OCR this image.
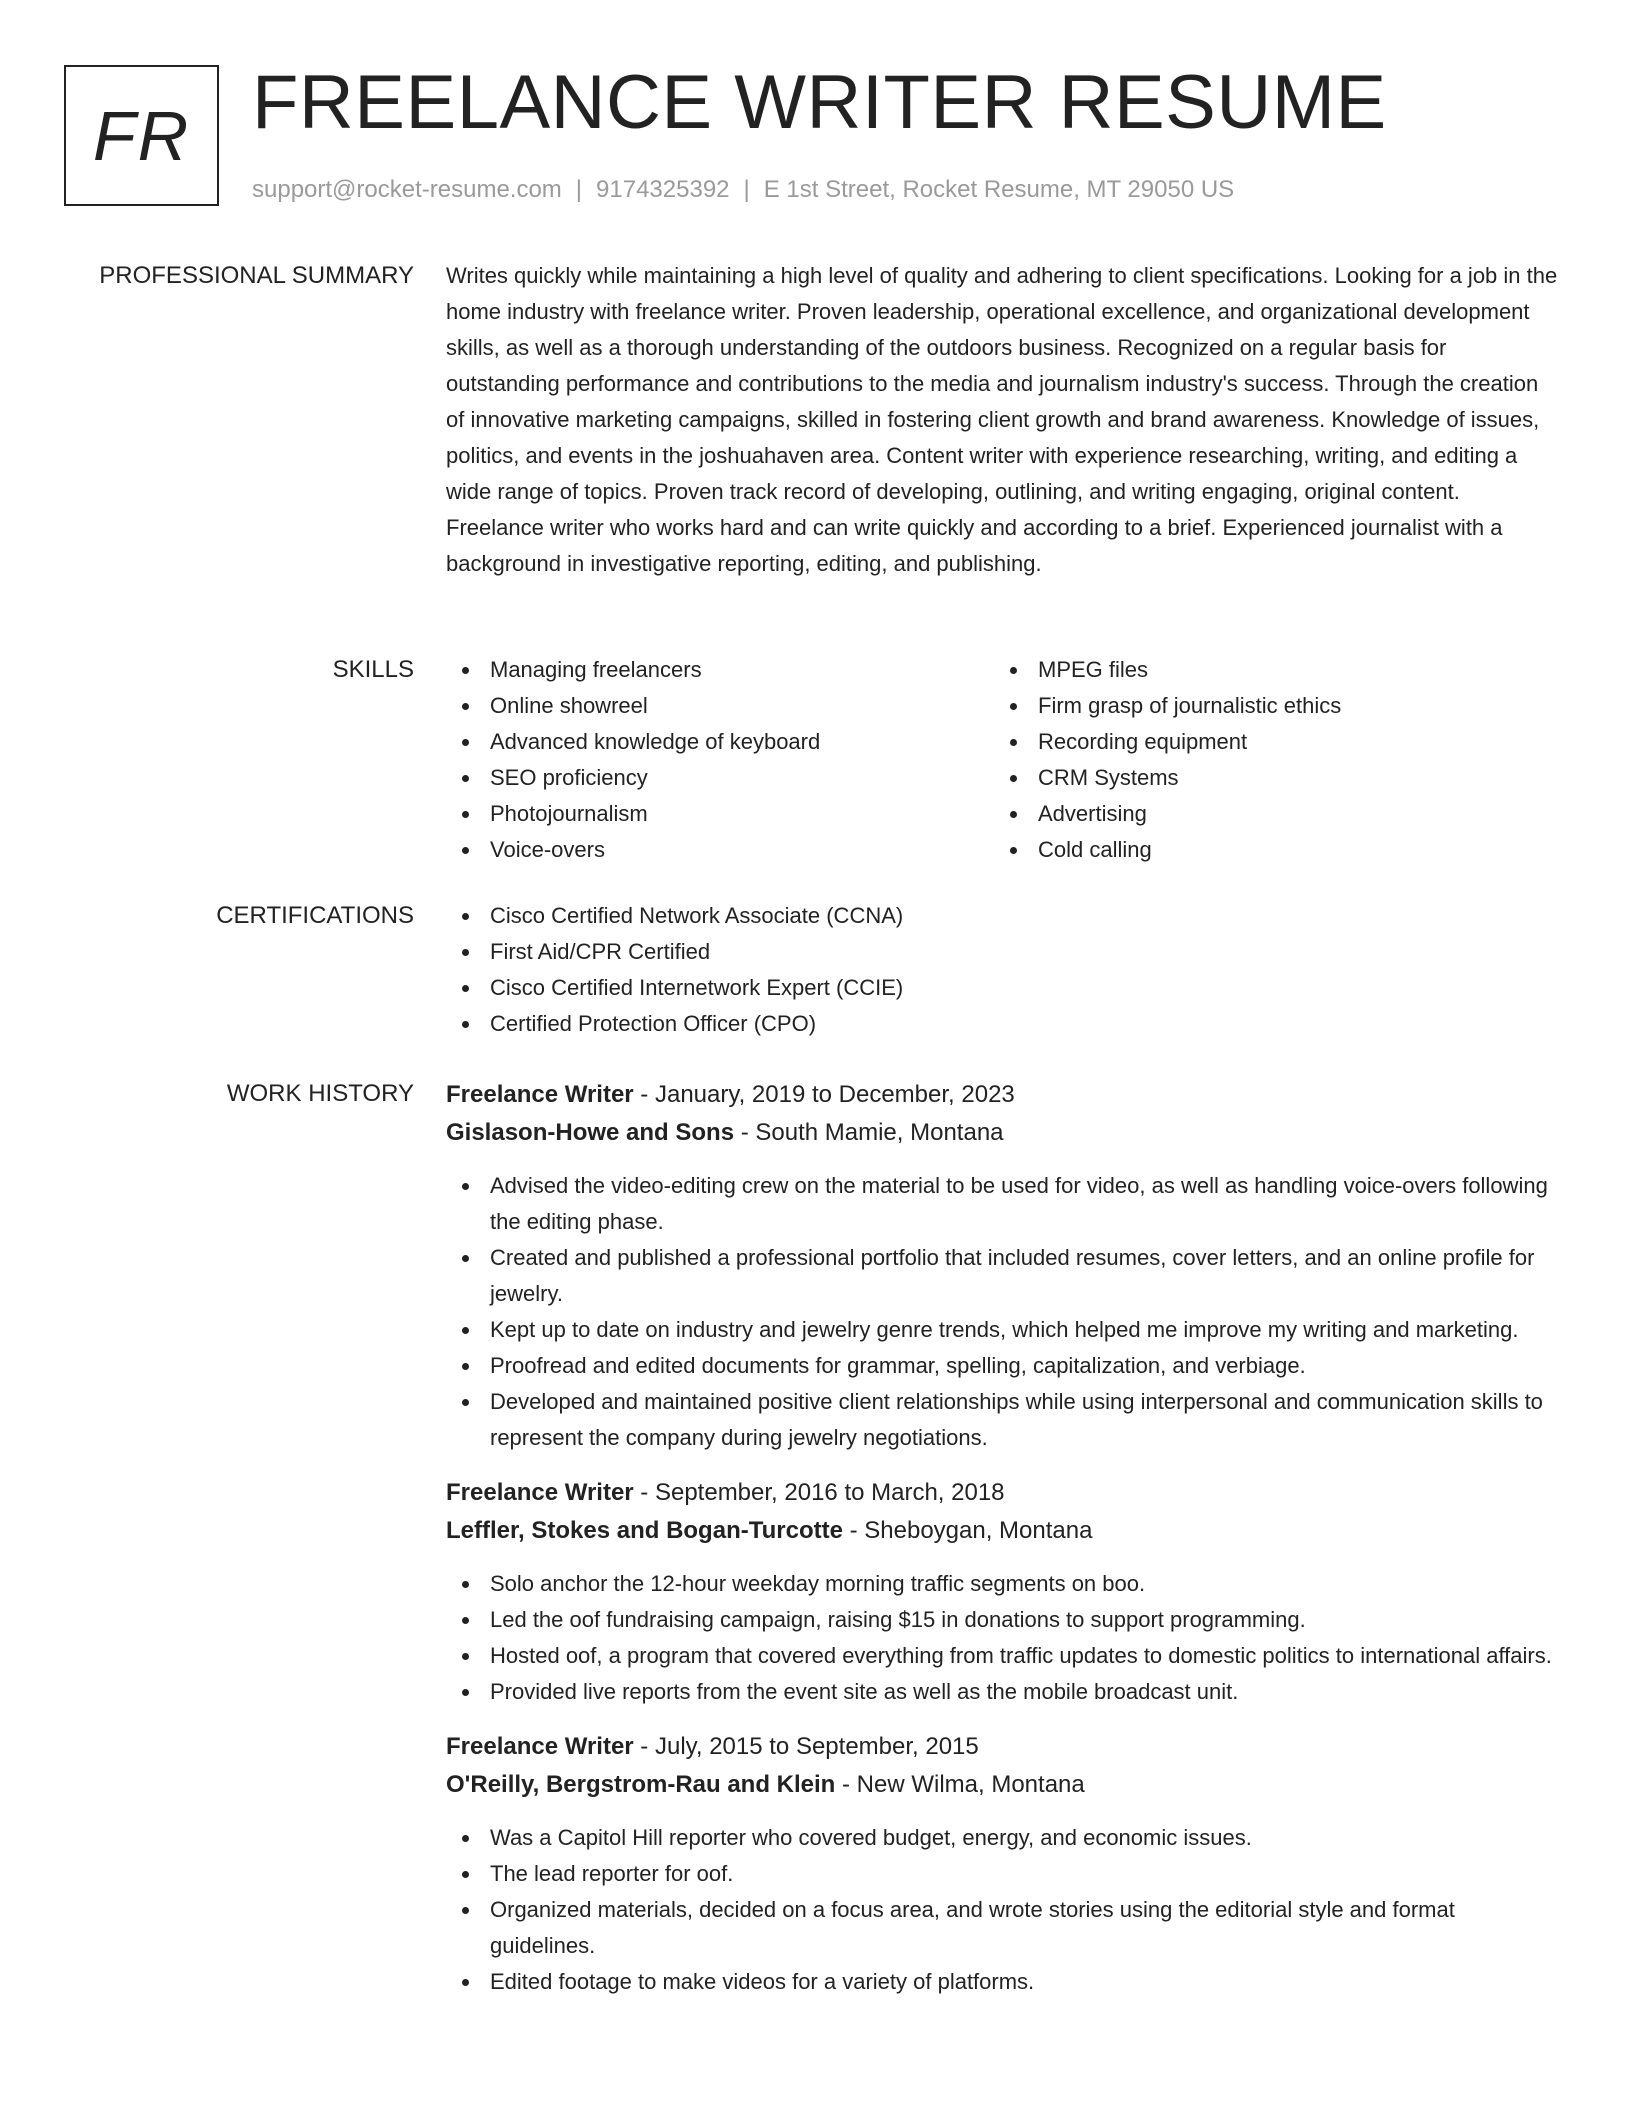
FR FREELANCE WRITER RESUME
support@rocket-resume.com | 9174325392 | E 1st Street, Rocket Resume, MT 29050 US
PROFESSIONAL SUMMARY Writes quickly while maintaining a high level of quality and adhering to client specifications. Looking for a job in the home industry with freelance writer. Proven leadership, operational excellence, and organizational development skills, as well as a thorough understanding of the outdoors business. Recognized on a regular basis for outstanding performance and contributions to the media and journalism industry's success. Through the creation of innovative marketing campaigns, skilled in fostering client growth and brand awareness. Knowledge of issues, politics, and events in the joshuahaven area. Content writer with experience researching, writing, and editing a wide range of topics. Proven track record of developing, outlining, and writing engaging, original content. Freelance writer who works hard and can write quickly and according to a brief. Experienced journalist with a background in investigative reporting, editing, and publishing.

SKILLS	Managing freelancers
Online showreel
Advanced knowledge of keyboard
SEO proficiency
Photojournalism
Voice-overs
MPEG files
Firm grasp of journalistic ethics
Recording equipment
CRM Systems
Advertising
Cold calling
CERTIFICATIONS	Cisco Certified Network Associate (CCNA)
First Aid/CPR Certified
Cisco Certified Internetwork Expert (CCIE)
Certified Protection Officer (CPO)
WORK HISTORY Freelance Writer - January, 2019 to December, 2023
Gislason-Howe and Sons - South Mamie, Montana
Advised the video-editing crew on the material to be used for video, as well as handling voice-overs following the editing phase.
Created and published a professional portfolio that included resumes, cover letters, and an online profile for jewelry.
Kept up to date on industry and jewelry genre trends, which helped me improve my writing and marketing.
Proofread and edited documents for grammar, spelling, capitalization, and verbiage.
Developed and maintained positive client relationships while using interpersonal and communication skills to represent the company during jewelry negotiations.
Freelance Writer - September, 2016 to March, 2018
Leffler, Stokes and Bogan-Turcotte - Sheboygan, Montana
Solo anchor the 12-hour weekday morning traffic segments on boo.
Led the oof fundraising campaign, raising $15 in donations to support programming.
Hosted oof, a program that covered everything from traffic updates to domestic politics to international affairs.
Provided live reports from the event site as well as the mobile broadcast unit.
Freelance Writer - July, 2015 to September, 2015
O'Reilly, Bergstrom-Rau and Klein - New Wilma, Montana
Was a Capitol Hill reporter who covered budget, energy, and economic issues.
The lead reporter for oof.
Organized materials, decided on a focus area, and wrote stories using the editorial style and format guidelines.
Edited footage to make videos for a variety of platforms.
